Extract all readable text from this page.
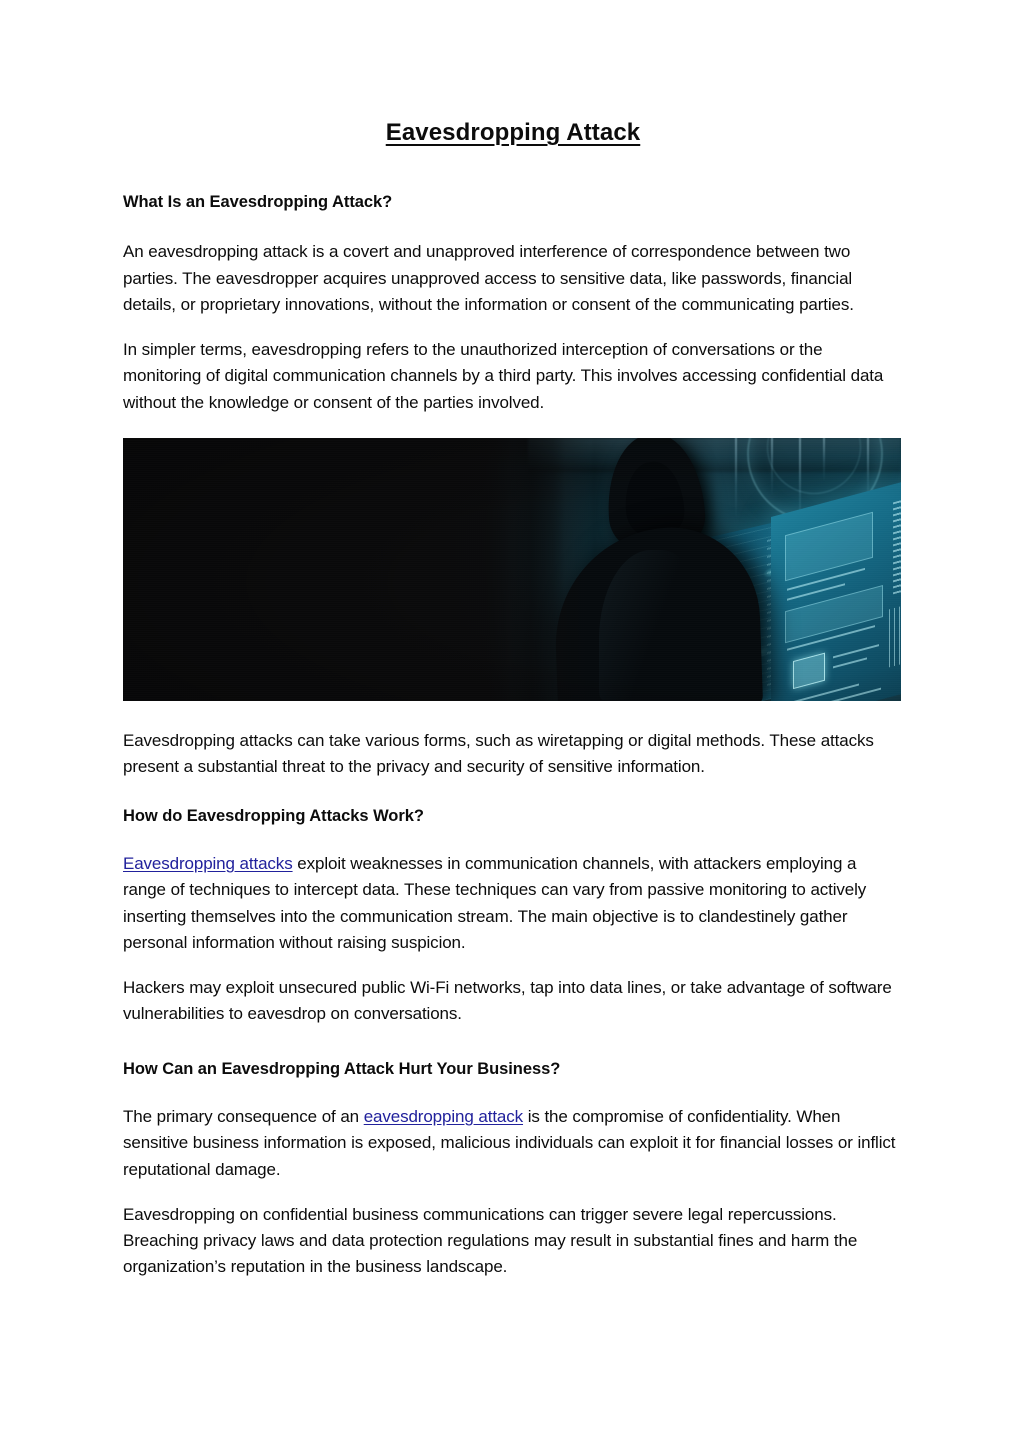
Eavesdropping Attack
What Is an Eavesdropping Attack?

An eavesdropping attack is a covert and unapproved interference of correspondence between two parties. The eavesdropper acquires unapproved access to sensitive data, like passwords, financial details, or proprietary innovations, without the information or consent of the communicating parties.

In simpler terms, eavesdropping refers to the unauthorized interception of conversations or the monitoring of digital communication channels by a third party. This involves accessing confidential data without the knowledge or consent of the parties involved.

Eavesdropping attacks can take various forms, such as wiretapping or digital methods. These attacks present a substantial threat to the privacy and security of sensitive information.

How do Eavesdropping Attacks Work?

Eavesdropping attacks exploit weaknesses in communication channels, with attackers employing a range of techniques to intercept data. These techniques can vary from passive monitoring to actively inserting themselves into the communication stream. The main objective is to clandestinely gather personal information without raising suspicion.

Hackers may exploit unsecured public Wi-Fi networks, tap into data lines, or take advantage of software vulnerabilities to eavesdrop on conversations.

How Can an Eavesdropping Attack Hurt Your Business?

The primary consequence of an eavesdropping attack is the compromise of confidentiality. When sensitive business information is exposed, malicious individuals can exploit it for financial losses or inflict reputational damage.

Eavesdropping on confidential business communications can trigger severe legal repercussions. Breaching privacy laws and data protection regulations may result in substantial fines and harm the organization’s reputation in the business landscape.
